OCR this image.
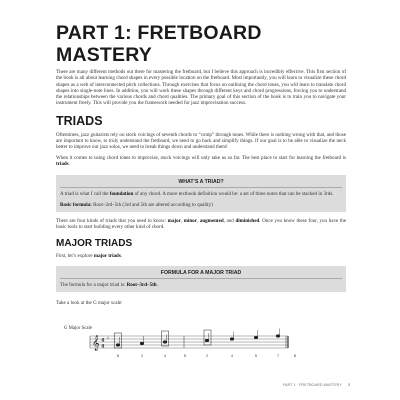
PART 1: FRETBOARD MASTERY

There are many different methods out there for mastering the fretboard, but I believe this approach is incredibly effective. This first section of the book is all about learning chord shapes in every possible location on the fretboard. Most importantly, you will learn to visualize these chord shapes as a web of interconnected pitch collections. Through exercises that focus on outlining the chord tones, you will learn to translate chord shapes into single-note lines. In addition, you will work these shapes through different keys and chord progressions, forcing you to understand the relationships between the various chords and chord qualities. The primary goal of this section of the book is to train you to navigate your instrument freely. This will provide you the framework needed for jazz improvisation success.

TRIADS

Oftentimes, jazz guitarists rely on stock voicings of seventh chords to “comp” through tunes. While there is nothing wrong with that, and those are important to know, to truly understand the fretboard, we need to go back and simplify things. If our goal is to be able to visualize the neck better to improve our jazz solos, we need to break things down and understand them!

When it comes to using chord tones to improvise, stock voicings will only take us so far. The best place to start for learning the fretboard is triads.

WHAT’S A TRIAD?

A triad is what I call the foundation of any chord. A more textbook definition would be: a set of three notes that can be stacked in 3rds.

Basic formula: Root–3rd–5th (3rd and 5th are altered according to quality)

There are four kinds of triads that you need to know: major, minor, augmented, and diminished. Once you know these four, you have the basic tools to start building every other kind of chord.

MAJOR TRIADS

First, let’s explore major triads.

FORMULA FOR A MAJOR TRIAD

The formula for a major triad is: Root–3rd–5th.

Take a look at the G major scale:

G Major Scale
𝄞 4
4
♯
8	2	4	5	2	4	5	7	8
PART 1 · FRETBOARD MASTERY 3
